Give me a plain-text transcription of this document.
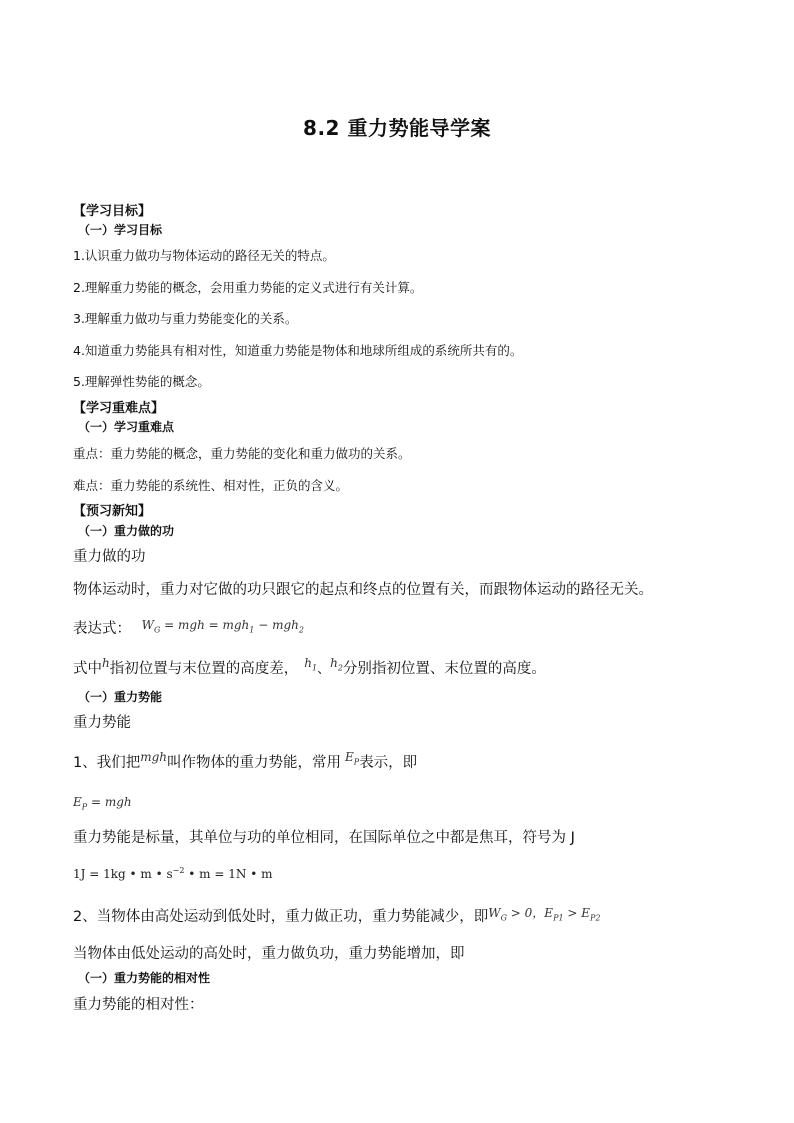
8.2 重力势能导学案
【学习目标】
（一）学习目标
1.认识重力做功与物体运动的路径无关的特点。
2.理解重力势能的概念，会用重力势能的定义式进行有关计算。
3.理解重力做功与重力势能变化的关系。
4.知道重力势能具有相对性，知道重力势能是物体和地球所组成的系统所共有的。
5.理解弹性势能的概念。
【学习重难点】
（一）学习重难点
重点：重力势能的概念，重力势能的变化和重力做功的关系。
难点：重力势能的系统性、相对性，正负的含义。
【预习新知】
（一）重力做的功
重力做的功
物体运动时，重力对它做的功只跟它的起点和终点的位置有关，而跟物体运动的路径无关。
表达式： $^{W_G = mgh = mgh_1 - mgh_2}$
式中$^h$指初位置与末位置的高度差， $^{h_1}$、$^{h_2}$分别指初位置、末位置的高度。
（一）重力势能
重力势能
1、我们把$^{mgh}$叫作物体的重力势能，常用 $^{E_P}$表示，即
$E_P$ = mgh
重力势能是标量，其单位与功的单位相同，在国际单位之中都是焦耳，符号为 J
1J = 1kg • m • $s^{-2}$ • m = 1N • m
2、当物体由高处运动到低处时，重力做正功，重力势能减少，即$^{W_G > 0,E_{P1} > E_{P2}}$
当物体由低处运动的高处时，重力做负功，重力势能增加，即
（一）重力势能的相对性
重力势能的相对性：
